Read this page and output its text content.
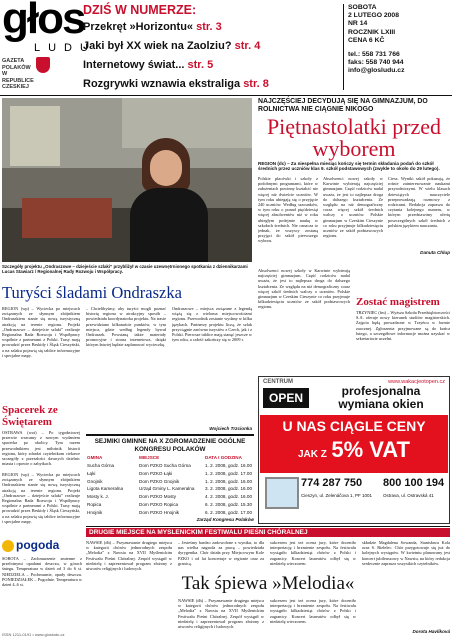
głos
LUDU
GAZETA POLAKÓW W REPUBLICE CZESKIEJ
DZIŚ W NUMERZE:
Przekręt »Horizontu« str. 3
Jaki był XX wiek na Zaolziu? str. 4
Internetowy świat... str. 5
Rozgrywki wznawia ekstraliga str. 8
SOBOTA
2 LUTEGO 2008
NR 14
ROCZNIK LXIII
CENA 6 KČ
tel.: 558 731 766
faks: 558 740 944
info@glosludu.cz
Szczegóły projektu „Ondraszowe – dziejeście szlaki” przybliżył w czasie uzewnętrnionego spotkania z dziennikarzami Lucas Stawiarz / Regionalnej Rady Rozwoju i Współpracy.
NAJCZĘŚCIEJ DECYDUJĄ SIĘ NA GIMNAZJUM, DO ROLNICTWA NIE CIĄGNIE NIKOGO
Piętnastolatki przed wyborem
REGION (dc) – Za niespełna miesiąc kończy się termin składania podań do szkół średnich przez uczniów klas 9. szkół podstawowych (zwykle to około do 29 lutego).
Polskie placówki i szkoły z podobnymi programami, które w założeniach powinny kształcić nie więcej niż dwieście uczniów. W tym roku ubiegają się o przyjęcie 240 uczniów. Według szacunków, w tym roku o ponad pięćdziesiąt więcej absolwentów niż w roku ubiegłym podejmie naukę w szkołach średnich. Nie oznacza to jednak, że wszyscy zostaną przyjęci do szkół pierwszego wyboru.
Absolwenci nowej szkoły w Karwinie wybierają najczęściej gimnazjum. Część rodziców nadal uważa, że jest to najlepsza droga do dalszego kształcenia. Ze względu na niż demograficzny coraz więcej szkół średnich walczy o uczniów. Polskie gimnazjum w Czeskim Cieszynie co roku przyjmuje kilkudziesięciu uczniów ze szkół podstawowych regionu.
Ciesz. Wyniki szkół pokazują, że rośnie zainteresowanie naukami przyrodniczymi. W wielu klasach dziewiątych nauczyciele przeprowadzają rozmowy z rodzicami. Redakcja zaprasza do czytania kolejnego numeru, w którym przedstawimy ofertę poszczególnych szkół średnich z polskim językiem nauczania.
Danuta Chlup
Turyści śladami Ondraszka
REGION (wp) – Wyciecka po miejscach związanych ze słynnym zbójnikiem Ondraszkiem stanie się nową turystyczną atrakcją na terenie regionu. Projekt „Ondraszowe – dziejeście szlaki” realizuje Regionalna Rada Rozwoju i Współpracy wspólnie z partnerami z Polski. Trasy mają prowadzić przez Beskidy i Śląsk Cieszyński, a na szlaku pojawią się tablice informacyjne i specjalne mapy.
– Chcielibyśmy, aby turyści mogli poznać historię regionu w atrakcyjny sposób – powiedziała koordynatorka projektu. Na trasie przewidziano kilkanaście punktów, w tym miejsca, gdzie według legendy bywał Ondraszek. Powstaną także materiały promocyjne i strona internetowa, dzięki którym łatwiej będzie zaplanować wycieczkę.
Ondraszowe – miejsca związane z legendą wiążą się z wieloma miejscowościami regionu. Przewodnik zostanie wydany w kilku językach. Partnerzy projektu liczą, że szlak przyciągnie zarówno turystów z Czech, jak i z Polski. Pierwsze tablice mają stanąć jeszcze w tym roku, a całość zakończy się w 2009 r.
Wojciech Trzcionka
Spacerek ze Świętarem
OSTRAWA (wot) – Po tygodniowej przerwie wracamy z nowym wydaniem spacerka po okolicy. Tym razem przewodnikiem jest miłośnik historii regionu, który zdradzi czytelnikom ciekawe szczegóły z przeszłości dawnych dzielnic miasta i opowie o zabytkach.
Zostać magistrem
TRZYNIEC (fm) – Wyższa Szkoła Przedsiębiorczości S.A. oferuje nowy kierunek studiów magisterskich. Zajęcia będą prowadzone w Trzyńcu w formie zaocznej. Zgłoszenia przyjmowane są do końca lutego, a szczegółowe informacje można uzyskać w sekretariacie uczelni.
Absolwenci nowej szkoły w Karwinie wybierają najczęściej gimnazjum. Część rodziców nadal uważa, że jest to najlepsza droga do dalszego kształcenia. Ze względu na niż demograficzny coraz więcej szkół średnich walczy o uczniów. Polskie gimnazjum w Czeskim Cieszynie co roku przyjmuje kilkudziesięciu uczniów ze szkół podstawowych regionu.
CENTRUM	www.wakacjeotopen.cz
OPEN	profesjonalna wymiana okien
U NAS CIĄGLE CENY
JAK Z 5% VAT
774 287 750 800 100 194
Cieszyn, ul. Zelenáčova 1, PF 1001	Ostrava, ul. Ostravská 41
SEJMIKI GMINNE NA X ZGROMADZENIE OGÓLNE KONGRESU POLAKÓW
GMINA	MIEJSCE	DATA I GODZINA
Sucha Górna	Dom PZKO Sucha Górna	1. 2. 2008, godz. 16.00
Łąki	Dom PZKO Łąki	1. 2. 2008, godz. 17.00
Gnojnik	Dom PZKO Gnojnik	1. 2. 2008, godz. 16.00
Ligota Kameralna	Urząd Gminy L. Kameralna	3. 2. 2008, godz. 16.00
Mosty k. J.	Dom PZKO Mosty	4. 2. 2008, godz. 16.00
Ropica	Dom PZKO Ropica	6. 2. 2008, godz. 15.30
Hnojnik	Dom PZKO Hnojnik	6. 2. 2008, godz. 17.00
Zarząd Kongresu Polaków
DRUGIE MIEJSCE NA MYSLENICKIM FESTIWALU PIEŚNI CHÓRALNEJ
NAWSIE (dh) – Przyznawanie drugiego miejsca w kategorii chórów jednorodnych zespołu „Melodia” z Nawsia na XVII Myślenickim Festiwalu Pieśni Chóralnej. Zespół wystąpił w niedzielę i zaprezentował program złożony z utworów religijnych i ludowych.
– Jesteśmy bardzo zadowolone z wyniku, to dla nas wielka nagroda za pracę – powiedziała dyrygentka. Chór działa przy Miejscowym Kole PZKO i od lat koncertuje w regionie oraz za granicą.
Tak śpiewa »Melodia«
sukcesem jest też ocena jury, które doceniło interpretację i brzmienie zespołu. Na festiwalu wystąpiło kilkadziesiąt chórów z Polski i zagranicy. Koncert laureatów odbył się w niedzielę wieczorem.
NAWSIE (dh) – Przyznawanie drugiego miejsca w kategorii chórów jednorodnych zespołu „Melodia” z Nawsia na XVII Myślenickim Festiwalu Pieśni Chóralnej. Zespół wystąpił w niedzielę i zaprezentował program złożony z utworów religijnych i ludowych.
sukcesem jest też ocena jury, które doceniło interpretację i brzmienie zespołu. Na festiwalu wystąpiło kilkadziesiąt chórów z Polski i zagranicy. Koncert laureatów odbył się w niedzielę wieczorem.
składzie Magdalena Sowanda, Stanisława Kola oraz S. Bielelec. Chór przygotowuje się już do kolejnych występów. W kwietniu planowany jest koncert jubileuszowy w Nawsiu, na który redakcja serdecznie zaprasza wszystkich czytelników.
Dorota Havlíková
pogoda
SOBOTA – Zachmurzenie zmienne z przelotnymi opadami deszczu, w górach śniegu. Temperatura w dzień od 3 do 6 st. NIEDZIELA – Pochmurnie, opady deszczu. PONIEDZIAŁEK – Pogodnie. Temperatura w dzień 4–6 st.
REGION (wp) – Wyciecka po miejscach związanych ze słynnym zbójnikiem Ondraszkiem stanie się nową turystyczną atrakcją na terenie regionu. Projekt „Ondraszowe – dziejeście szlaki” realizuje Regionalna Rada Rozwoju i Współpracy wspólnie z partnerami z Polski. Trasy mają prowadzić przez Beskidy i Śląsk Cieszyński, a na szlaku pojawią się tablice informacyjne i specjalne mapy.
ISSN 1211-0191 • www.glosludu.cz
